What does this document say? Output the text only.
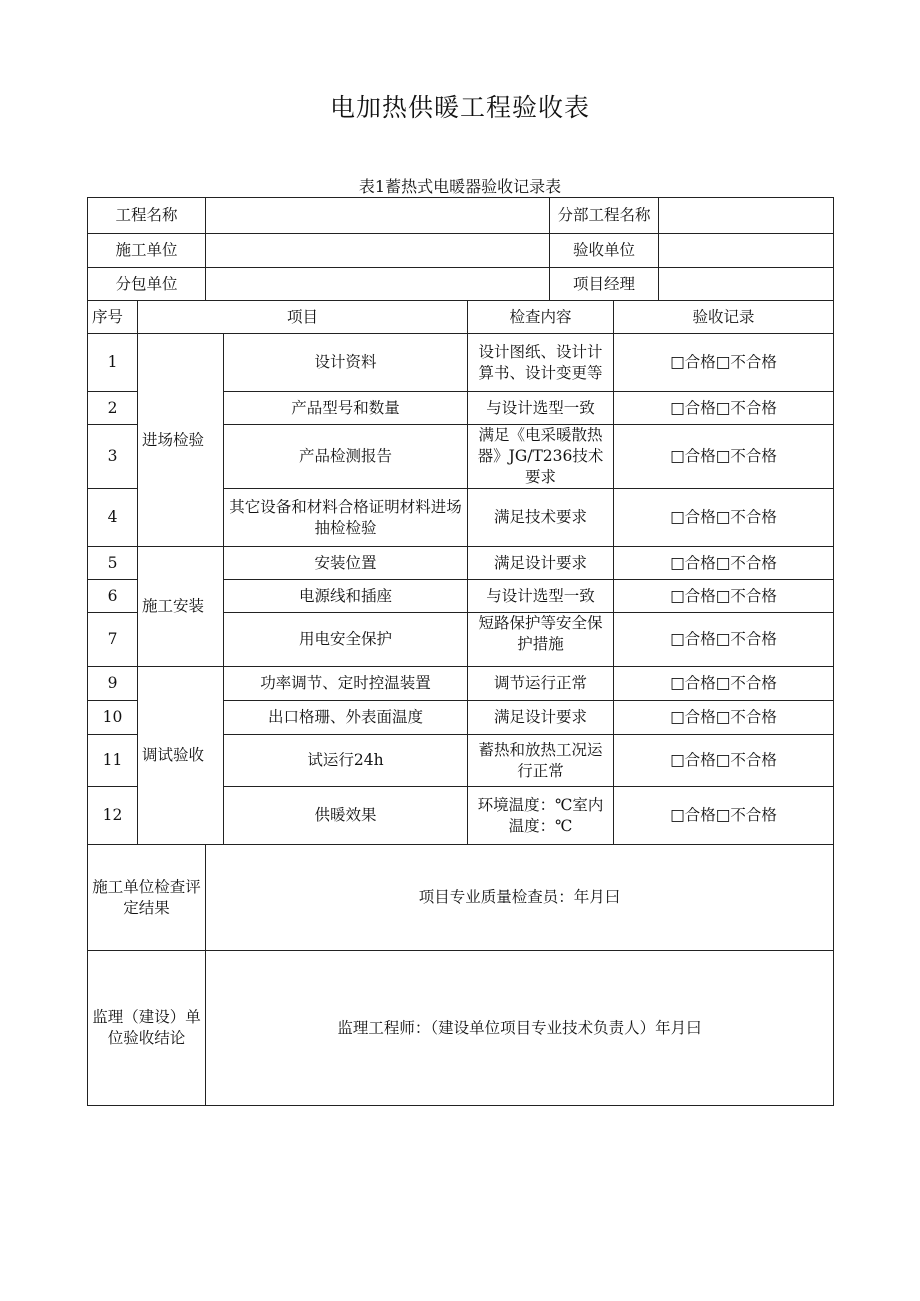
电加热供暖工程验收表
表1蓄热式电暖器验收记录表
工程名称					分部工程名称		
施工单位					验收单位		
分包单位					项目经理		
序号	项目			检查内容		验收记录	
1	进场检验		设计资料	设计图纸、设计计算书、设计变更等		□合格□不合格	
2			产品型号和数量	与设计选型一致		□合格□不合格	
3			产品检测报告	满足《电采暖散热器》JG/T236技术要求		□合格□不合格	
4			其它设备和材料合格证明材料进场抽检检验	满足技术要求		□合格□不合格	
5	施工安装		安装位置	满足设计要求		□合格□不合格	
6			电源线和插座	与设计选型一致		□合格□不合格	
7			用电安全保护	短路保护等安全保护措施		□合格□不合格	
9	调试验收		功率调节、定时控温装置	调节运行正常		□合格□不合格	
10			出口格珊、外表面温度	满足设计要求		□合格□不合格	
11			试运行24h	蓄热和放热工况运行正常		□合格□不合格	
12			供暖效果	环境温度：℃室内温度：℃		□合格□不合格	
施工单位检查评定结果		项目专业质量检查员：年月曰					
监理（建设）单位验收结论		监理工程师：（建设单位项目专业技术负责人）年月曰					
